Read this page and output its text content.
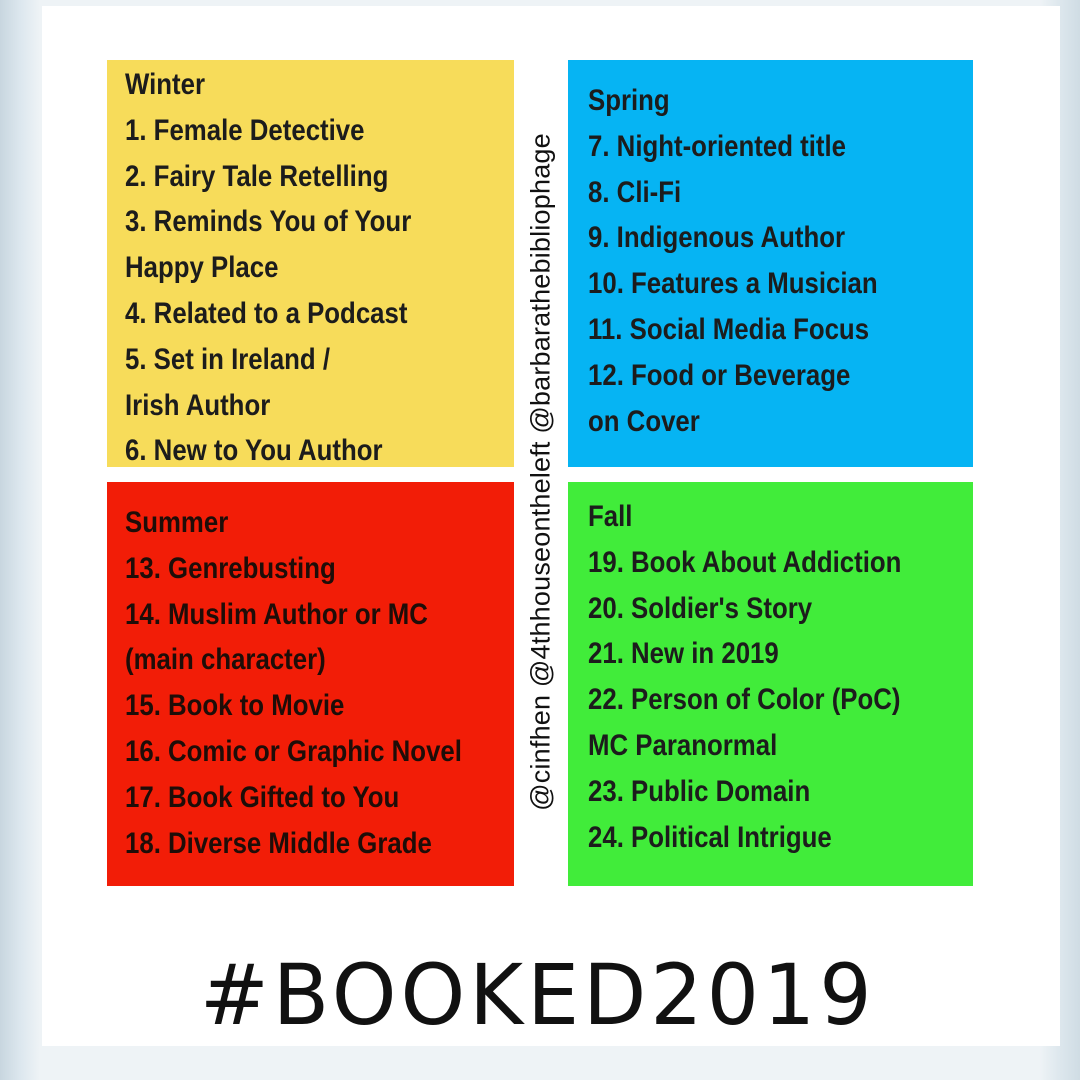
Winter
1. Female Detective
2. Fairy Tale Retelling
3. Reminds You of Your
Happy Place
4. Related to a Podcast
5. Set in Ireland /
Irish Author
6. New to You Author
Spring
7. Night-oriented title
8. Cli-Fi
9. Indigenous Author
10. Features a Musician
11. Social Media Focus
12. Food or Beverage
on Cover
Summer
13. Genrebusting
14. Muslim Author or MC
(main character)
15. Book to Movie
16. Comic or Graphic Novel
17. Book Gifted to You
18. Diverse Middle Grade
Fall
19. Book About Addiction
20. Soldier's Story
21. New in 2019
22. Person of Color (PoC)
MC Paranormal
23. Public Domain
24. Political Intrigue
@cinfhen @4thhouseontheleft @barbarathebibliophage
#BOOKED2019
